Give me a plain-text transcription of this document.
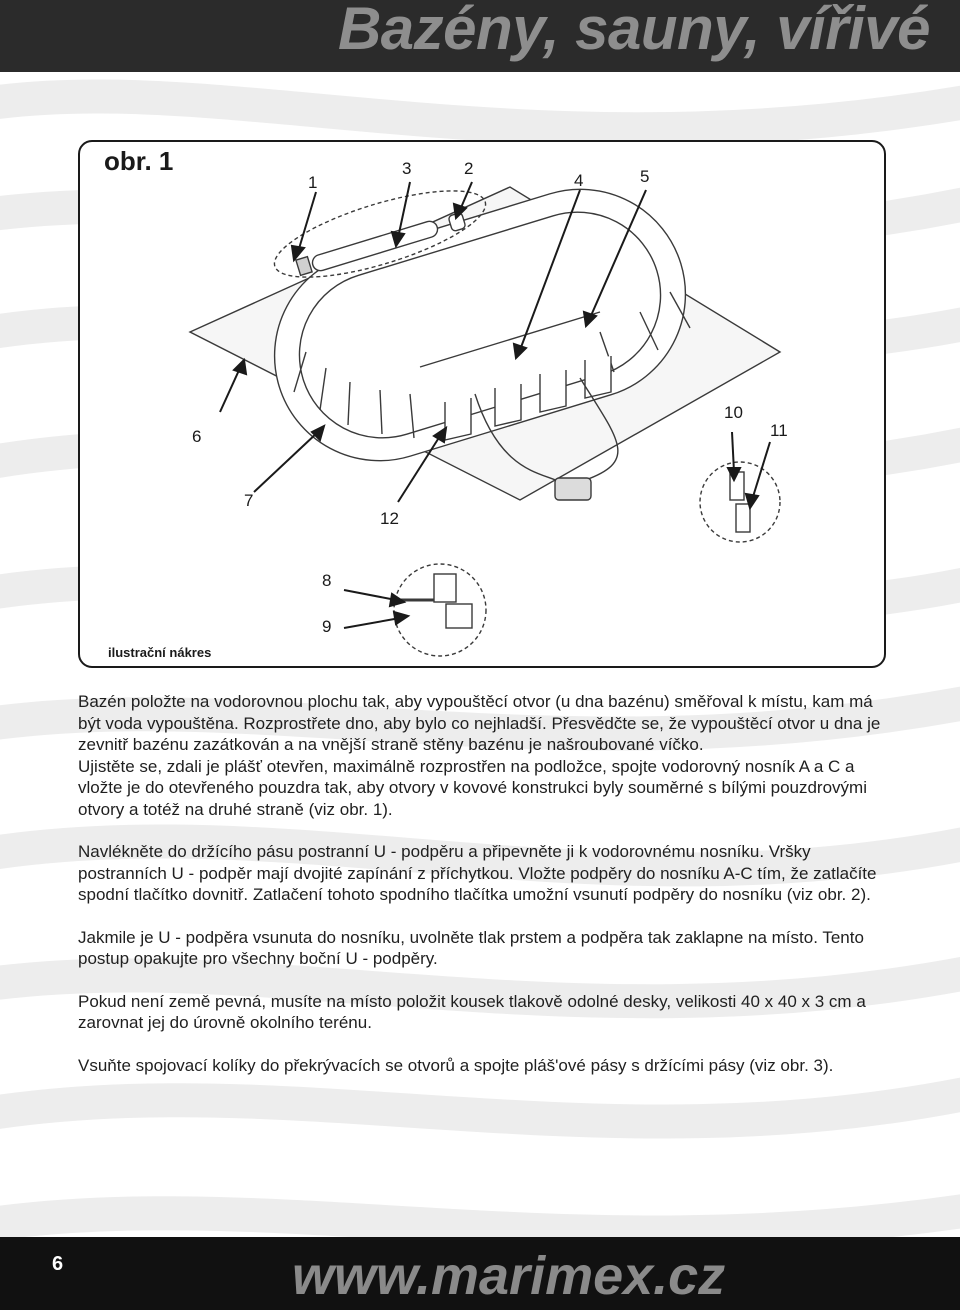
Bazény, sauny, vířivé
1
2
3
4	5
6
7
8
9
10
11
12
obr. 1
ilustrační nákres

Bazén položte na vodorovnou plochu tak, aby vypouštěcí otvor (u dna bazénu) směřoval k místu, kam má být voda vypouštěna. Rozprostřete dno, aby bylo co nejhladší. Přesvědčte se, že vypouštěcí otvor u dna je zevnitř bazénu zazátkován a na vnější straně stěny bazénu je našroubované víčko.

Ujistěte se, zdali je plášť otevřen, maximálně rozprostřen na podložce, spojte vodorovný nosník A a C a vložte je do otevřeného pouzdra tak, aby otvory v kovové konstrukci byly souměrné s bílými pouzdrovými otvory a totéž na druhé straně (viz obr. 1).

Navlékněte do držícího pásu postranní U - podpěru a připevněte ji k vodorovnému nosníku. Vršky postranních U - podpěr mají dvojité zapínání z příchytkou. Vložte podpěry do nosníku A-C tím, že zatlačíte spodní tlačítko dovnitř. Zatlačení tohoto spodního tlačítka umožní vsunutí podpěry do nosníku (viz obr. 2).

Jakmile je U - podpěra vsunuta do nosníku, uvolněte tlak prstem a podpěra tak zaklapne na místo. Tento postup opakujte pro všechny boční U - podpěry.

Pokud není země pevná, musíte na místo položit kousek tlakově odolné desky, velikosti 40 x 40 x 3 cm a zarovnat jej do úrovně okolního terénu.

Vsuňte spojovací kolíky do překrývacích se otvorů a spojte pláš'ové pásy s držícími pásy (viz obr. 3).

6	www.marimex.cz
